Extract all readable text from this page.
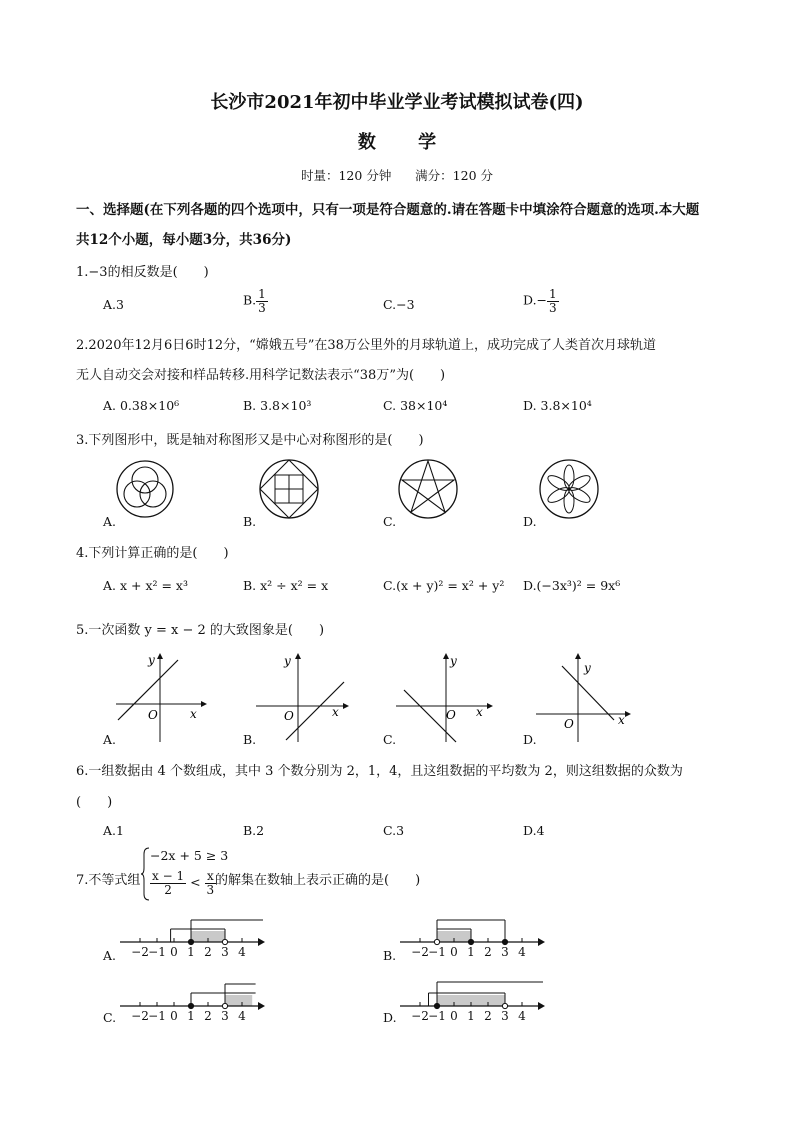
长沙市2021年初中毕业学业考试模拟试卷(四)
数 学
时量：120 分钟      满分：120 分
一、选择题(在下列各题的四个选项中，只有一项是符合题意的.请在答题卡中填涂符合题意的选项.本大题
共12个小题，每小题3分，共36分)
1.−3的相反数是(　　)
A.3	B. $\frac{1}{3}$	C.−3	$D.- \frac{1}{3}$
2.2020年12月6日6时12分，“嫦娥五号”在38万公里外的月球轨道上，成功完成了人类首次月球轨道
无人自动交会对接和样品转移.用科学记数法表示“38万”为(　　)
A. 0.38×10⁶	B. 3.8×10³	C. 38×10⁴	D. 3.8×10⁴
3.下列图形中，既是轴对称图形又是中心对称图形的是(　　)
A.	B.	C.	D.
4.下列计算正确的是(　　)
A. x + x² = x³	B. x² ÷ x² = x	C.(x + y)² = x² + y² D.(−3x³)² = 9x⁶
5.一次函数 y = x − 2 的大致图象是(　　)
y
x
O
y
x
O
y
x
O
y
x
O
A.	B.	C.	D.
6.一组数据由 4 个数组成，其中 3 个数分别为 2，1，4，且这组数据的平均数为 2，则这组数据的众数为
(　　)
A.1	B.2	C.3	D.4
7.不等式组
−2x + 5 ≥ 3
$\frac{x - 1}{2} < \frac{x}{3}$
的解集在数轴上表示正确的是(　　)
−2 −1 0 1 2 3 4	−2 −1 0 1 2 3 4
−2 −1 0 1 2 3 4	−2 −1 0 1 2 3 4
A.	B.
C.	D.
